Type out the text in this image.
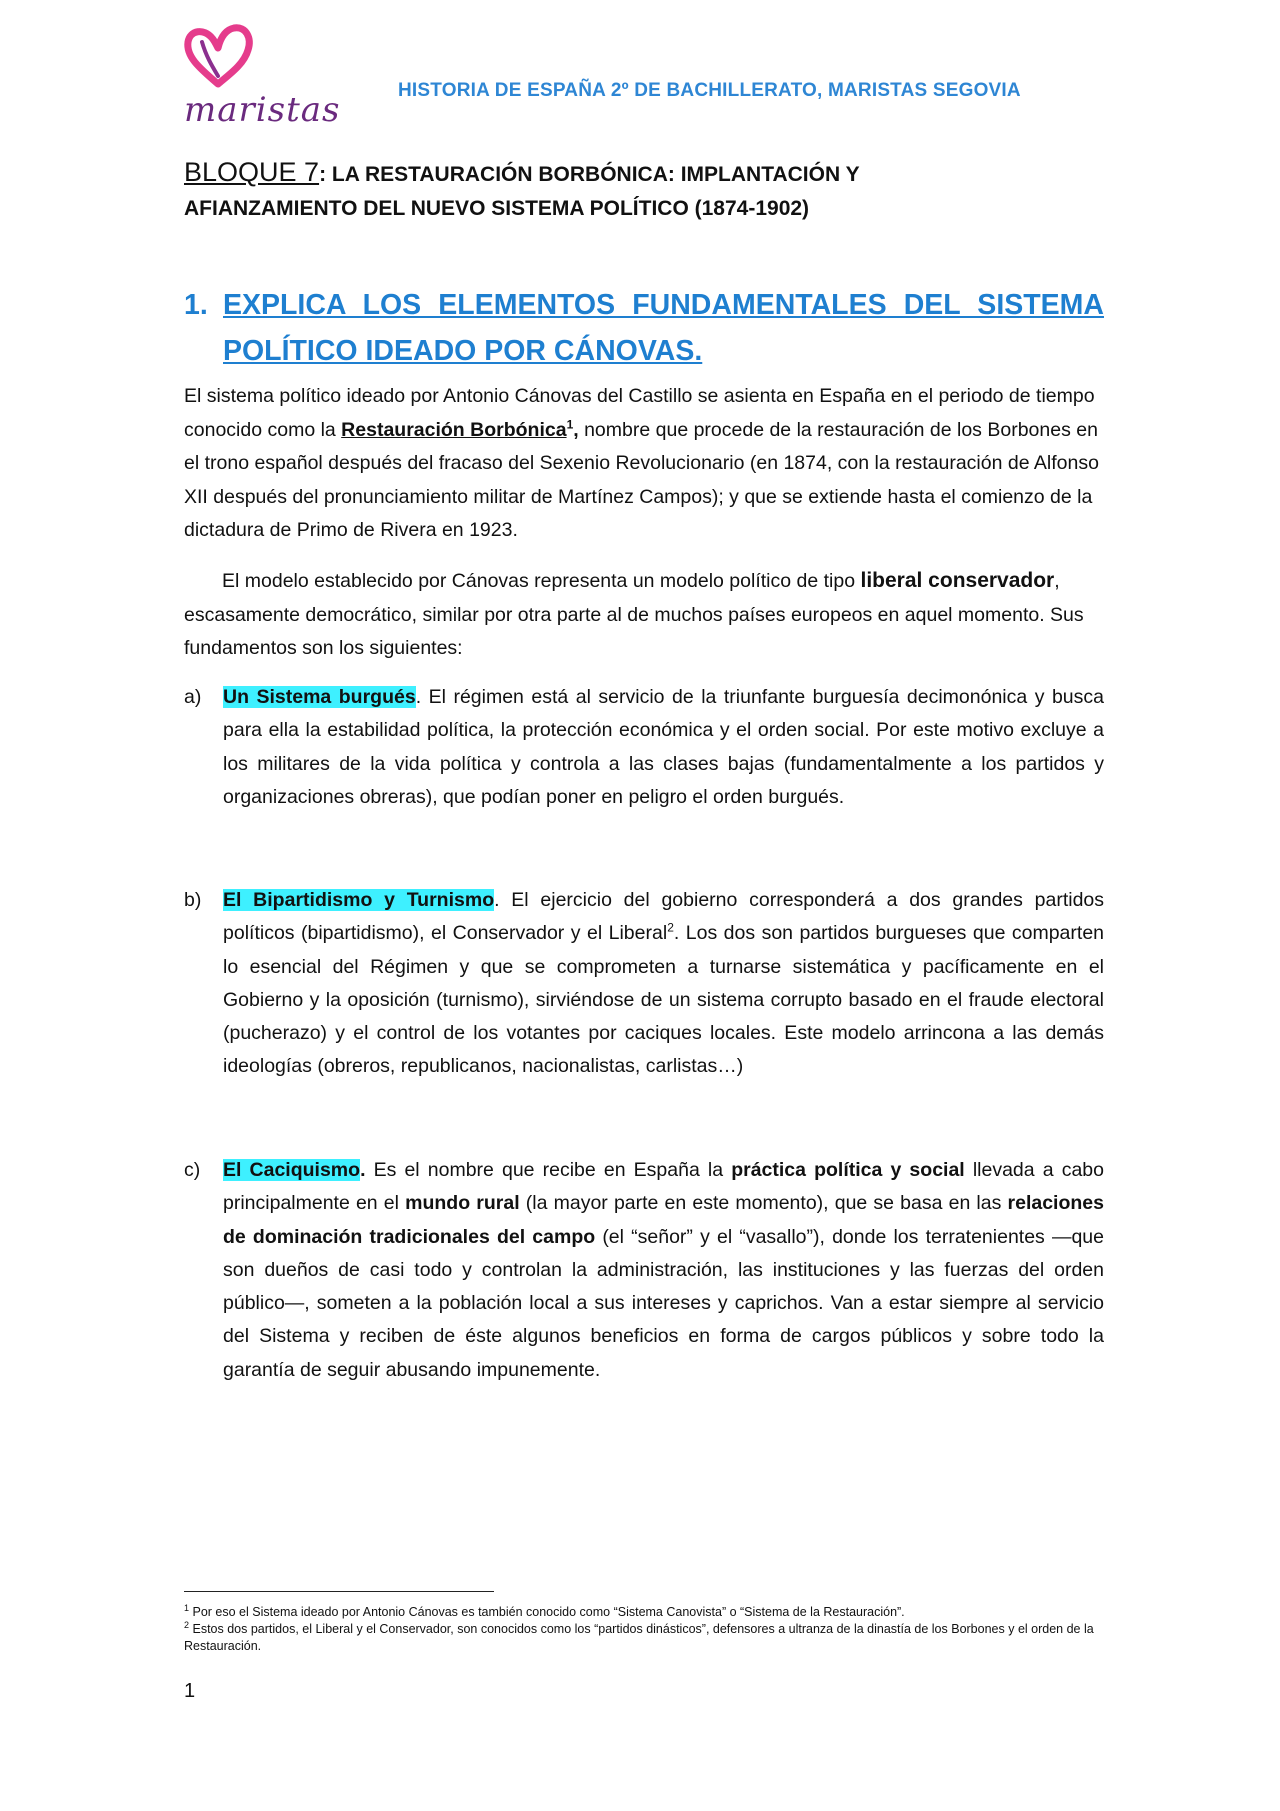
maristas	HISTORIA DE ESPAÑA 2º DE BACHILLERATO, MARISTAS SEGOVIA
BLOQUE 7: LA RESTAURACIÓN BORBÓNICA: IMPLANTACIÓN Y
AFIANZAMIENTO DEL NUEVO SISTEMA POLÍTICO (1874-1902)
1. EXPLICA LOS ELEMENTOS FUNDAMENTALES DEL SISTEMA POLÍTICO IDEADO POR CÁNOVAS.
El sistema político ideado por Antonio Cánovas del Castillo se asienta en España en el periodo de tiempo conocido como la Restauración Borbónica$^1$, nombre que procede de la restauración de los Borbones en el trono español después del fracaso del Sexenio Revolucionario (en 1874, con la restauración de Alfonso XII después del pronunciamiento militar de Martínez Campos); y que se extiende hasta el comienzo de la dictadura de Primo de Rivera en 1923.
El modelo establecido por Cánovas representa un modelo político de tipo liberal conservador, escasamente democrático, similar por otra parte al de muchos países europeos en aquel momento. Sus fundamentos son los siguientes:
a) Un Sistema burgués. El régimen está al servicio de la triunfante burguesía decimonónica y busca para ella la estabilidad política, la protección económica y el orden social. Por este motivo excluye a los militares de la vida política y controla a las clases bajas (fundamentalmente a los partidos y organizaciones obreras), que podían poner en peligro el orden burgués.
b) El Bipartidismo y Turnismo. El ejercicio del gobierno corresponderá a dos grandes partidos políticos (bipartidismo), el Conservador y el Liberal$^2$. Los dos son partidos burgueses que comparten lo esencial del Régimen y que se comprometen a turnarse sistemática y pacíficamente en el Gobierno y la oposición (turnismo), sirviéndose de un sistema corrupto basado en el fraude electoral (pucherazo) y el control de los votantes por caciques locales. Este modelo arrincona a las demás ideologías (obreros, republicanos, nacionalistas, carlistas…)
c) El Caciquismo. Es el nombre que recibe en España la práctica política y social llevada a cabo principalmente en el mundo rural (la mayor parte en este momento), que se basa en las relaciones de dominación tradicionales del campo (el “señor” y el “vasallo”), donde los terratenientes —que son dueños de casi todo y controlan la administración, las instituciones y las fuerzas del orden público—, someten a la población local a sus intereses y caprichos. Van a estar siempre al servicio del Sistema y reciben de éste algunos beneficios en forma de cargos públicos y sobre todo la garantía de seguir abusando impunemente.

$^1$ Por eso el Sistema ideado por Antonio Cánovas es también conocido como “Sistema Canovista” o “Sistema de la Restauración”.

$^2$ Estos dos partidos, el Liberal y el Conservador, son conocidos como los “partidos dinásticos”, defensores a ultranza de la dinastía de los Borbones y el orden de la Restauración.

1
